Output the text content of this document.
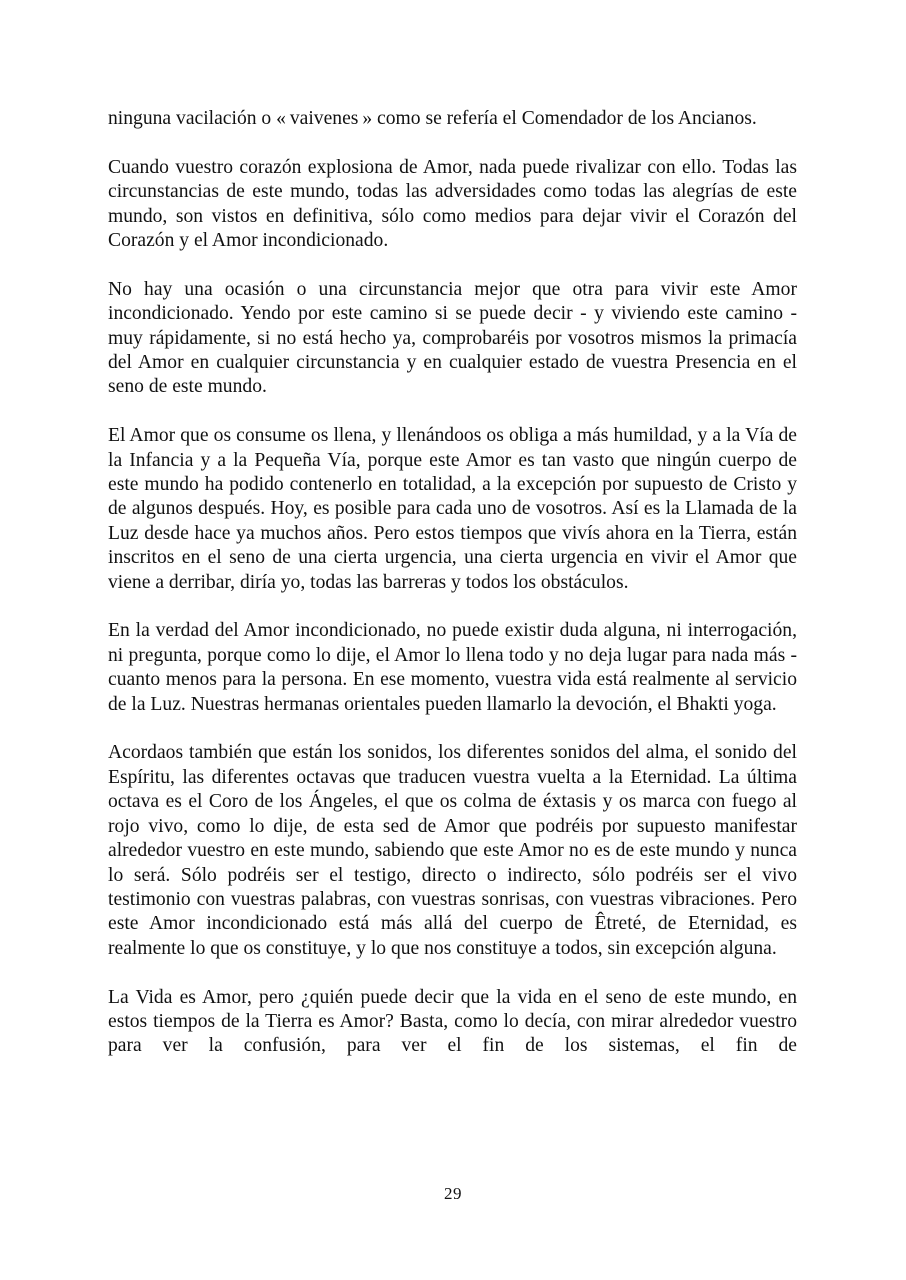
ninguna vacilación o « vaivenes » como se refería el Comendador de los Ancianos.

Cuando vuestro corazón explosiona de Amor, nada puede rivalizar con ello. Todas las circunstancias de este mundo, todas las adversidades como todas las alegrías de este mundo, son vistos en definitiva, sólo como medios para dejar vivir el Corazón del Corazón y el Amor incondicionado.

No hay una ocasión o una circunstancia mejor que otra para vivir este Amor incondicionado. Yendo por este camino si se puede decir - y viviendo este camino - muy rápidamente, si no está hecho ya, comprobaréis por vosotros mismos la primacía del Amor en cualquier circunstancia y en cualquier estado de vuestra Presencia en el seno de este mundo.

El Amor que os consume os llena, y llenándoos os obliga a más humildad, y a la Vía de la Infancia y a la Pequeña Vía, porque este Amor es tan vasto que ningún cuerpo de este mundo ha podido contenerlo en totalidad, a la excepción por supuesto de Cristo y de algunos después. Hoy, es posible para cada uno de vosotros. Así es la Llamada de la Luz desde hace ya muchos años. Pero estos tiempos que vivís ahora en la Tierra, están inscritos en el seno de una cierta urgencia, una cierta urgencia en vivir el Amor que viene a derribar, diría yo, todas las barreras y todos los obstáculos.

En la verdad del Amor incondicionado, no puede existir duda alguna, ni interrogación, ni pregunta, porque como lo dije, el Amor lo llena todo y no deja lugar para nada más - cuanto menos para la persona. En ese momento, vuestra vida está realmente al servicio de la Luz. Nuestras hermanas orientales pueden llamarlo la devoción, el Bhakti yoga.

Acordaos también que están los sonidos, los diferentes sonidos del alma, el sonido del Espíritu, las diferentes octavas que traducen vuestra vuelta a la Eternidad. La última octava es el Coro de los Ángeles, el que os colma de éxtasis y os marca con fuego al rojo vivo, como lo dije, de esta sed de Amor que podréis por supuesto manifestar alrededor vuestro en este mundo, sabiendo que este Amor no es de este mundo y nunca lo será. Sólo podréis ser el testigo, directo o indirecto, sólo podréis ser el vivo testimonio con vuestras palabras, con vuestras sonrisas, con vuestras vibraciones. Pero este Amor incondicionado está más allá del cuerpo de Êtreté, de Eternidad, es realmente lo que os constituye, y lo que nos constituye a todos, sin excepción alguna.

La Vida es Amor, pero ¿quién puede decir que la vida en el seno de este mundo, en estos tiempos de la Tierra es Amor? Basta, como lo decía, con mirar alrededor vuestro para ver la confusión, para ver el fin de los sistemas, el fin de

29
